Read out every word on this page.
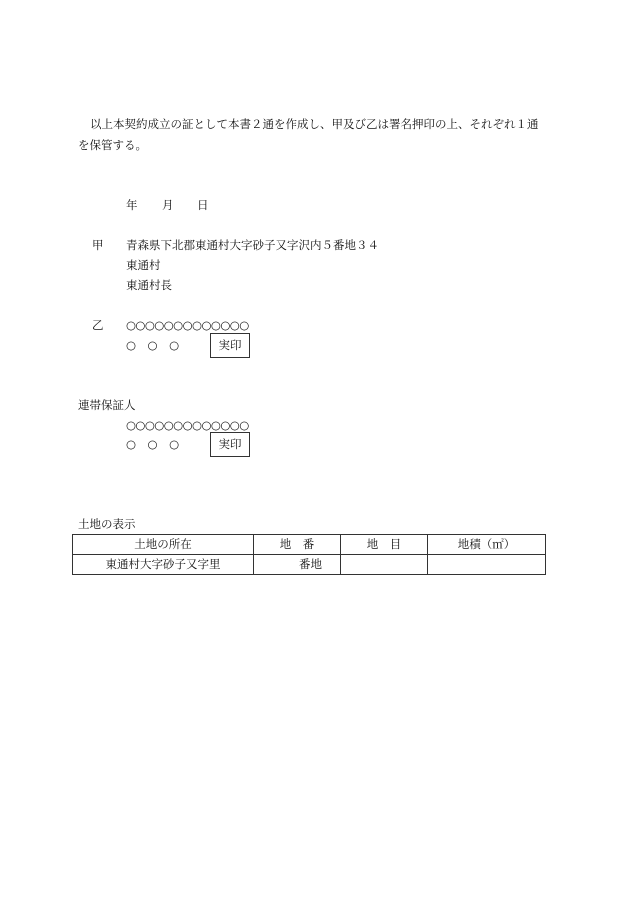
以上本契約成立の証として本書２通を作成し、甲及び乙は署名押印の上、それぞれ１通
を保管する。
年 月 日
甲 青森県下北郡東通村大字砂子又字沢内５番地３４
東通村
東通村長
乙 ○○○○○○○○○○○○○
○　○　○	実印
連帯保証人
○○○○○○○○○○○○○
○　○　○	実印
土地の表示
土地の所在	地　番	地　目	地積（㎡）
東通村大字砂子又字里	番地		
